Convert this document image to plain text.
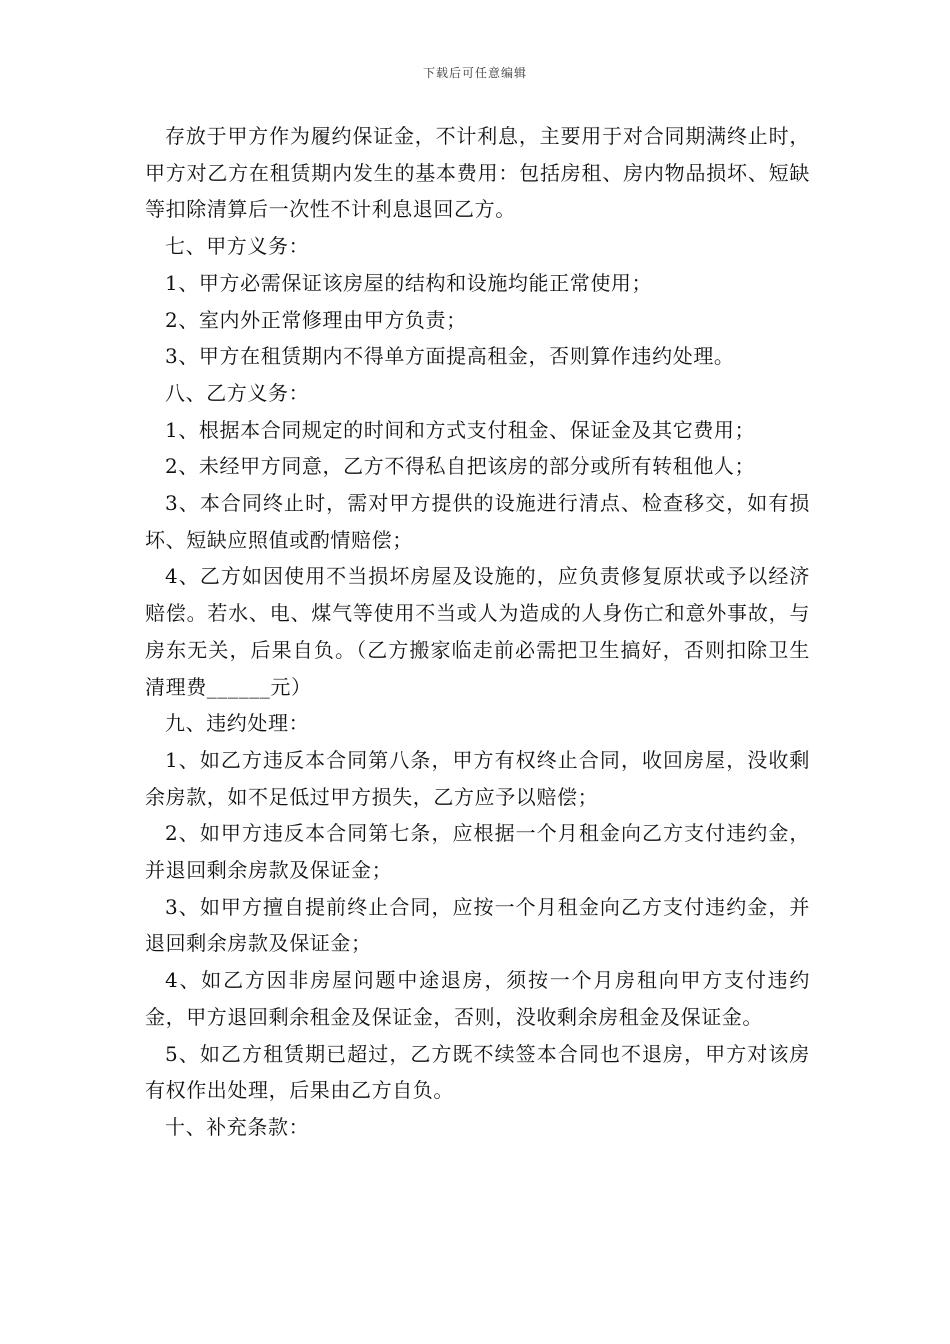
下载后可任意编辑

存放于甲方作为履约保证金，不计利息，主要用于对合同期满终止时，甲方对乙方在租赁期内发生的基本费用：包括房租、房内物品损坏、短缺等扣除清算后一次性不计利息退回乙方。

七、甲方义务：

1、甲方必需保证该房屋的结构和设施均能正常使用；

2、室内外正常修理由甲方负责；

3、甲方在租赁期内不得单方面提高租金，否则算作违约处理。

八、乙方义务：

1、根据本合同规定的时间和方式支付租金、保证金及其它费用；

2、未经甲方同意，乙方不得私自把该房的部分或所有转租他人；

3、本合同终止时，需对甲方提供的设施进行清点、检查移交，如有损坏、短缺应照值或酌情赔偿；

4、乙方如因使用不当损坏房屋及设施的，应负责修复原状或予以经济赔偿。若水、电、煤气等使用不当或人为造成的人身伤亡和意外事故，与房东无关，后果自负。（乙方搬家临走前必需把卫生搞好，否则扣除卫生清理费______元）

九、违约处理：

1、如乙方违反本合同第八条，甲方有权终止合同，收回房屋，没收剩余房款，如不足低过甲方损失，乙方应予以赔偿；

2、如甲方违反本合同第七条，应根据一个月租金向乙方支付违约金，并退回剩余房款及保证金；

3、如甲方擅自提前终止合同，应按一个月租金向乙方支付违约金，并退回剩余房款及保证金；

4、如乙方因非房屋问题中途退房，须按一个月房租向甲方支付违约金，甲方退回剩余租金及保证金，否则，没收剩余房租金及保证金。

5、如乙方租赁期已超过，乙方既不续签本合同也不退房，甲方对该房有权作出处理，后果由乙方自负。

十、补充条款：
